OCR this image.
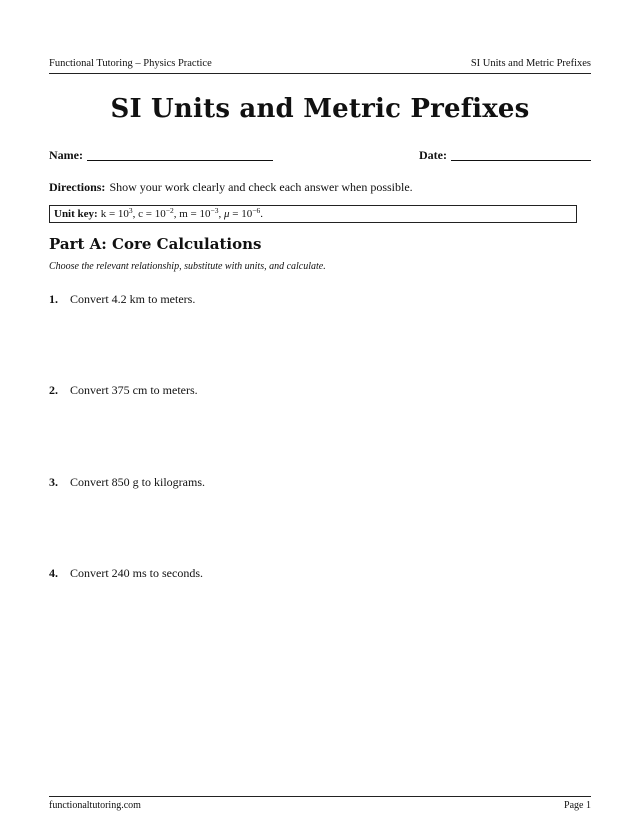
Functional Tutoring – Physics Practice	SI Units and Metric Prefixes
SI Units and Metric Prefixes
Name:	Date:
Directions: Show your work clearly and check each answer when possible.
Unit key: $k = 10^3$, $c = 10^{-2}$, $m = 10^{-3}$, $\mu = 10^{-6}$.
Part A: Core Calculations
Choose the relevant relationship, substitute with units, and calculate.
1. Convert 4.2 km to meters.
2. Convert 375 cm to meters.
3. Convert 850 g to kilograms.
4. Convert 240 ms to seconds.
functionaltutoring.com	Page 1
